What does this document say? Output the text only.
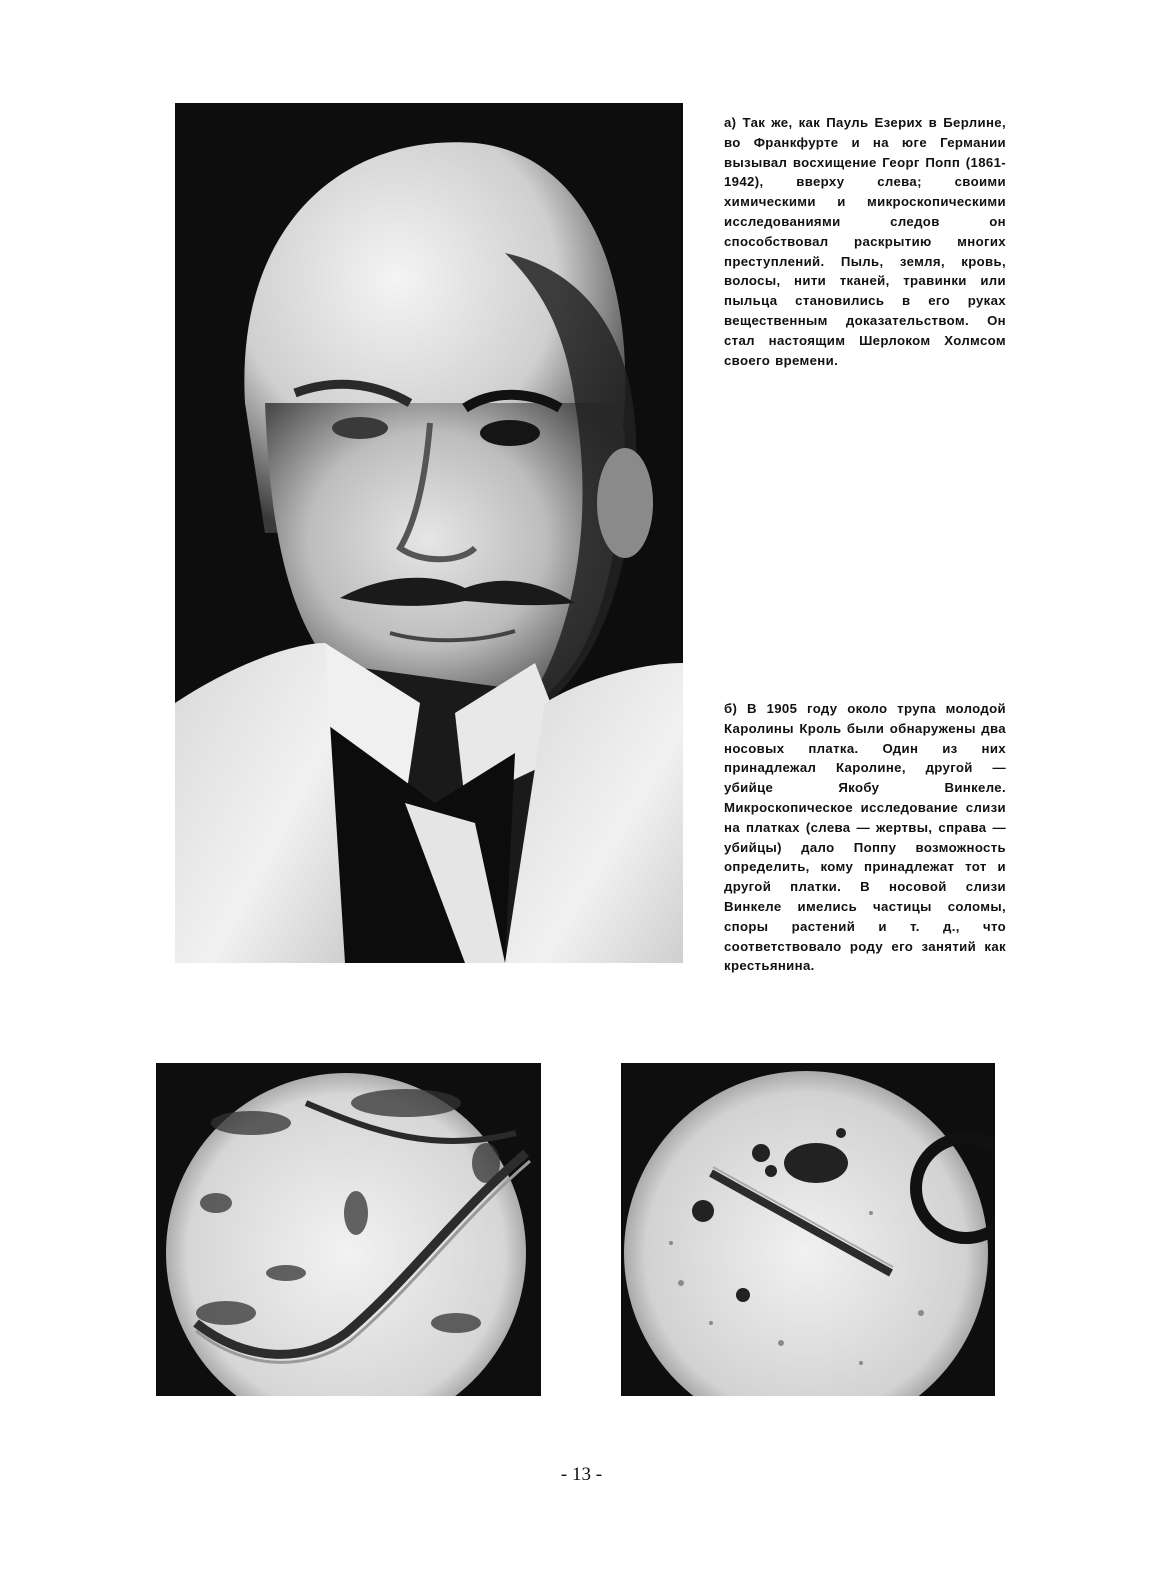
а) Так же, как Пауль Езерих в Берлине, во Франкфурте и на юге Германии вызывал восхищение Георг Попп (1861-1942), вверху слева; своими химическими и микроскопическими исследованиями следов он способствовал раскрытию многих преступлений. Пыль, земля, кровь, волосы, нити тканей, травинки или пыльца становились в его руках вещественным доказательством. Он стал настоящим Шерлоком Холмсом своего времени.
б) В 1905 году около трупа молодой Каролины Кроль были обнаружены два носовых платка. Один из них принадлежал Каролине, другой — убийце Якобу Винкеле. Микроскопическое исследование слизи на платках (слева — жертвы, справа — убийцы) дало Поппу возможность определить, кому принадлежат тот и другой платки. В носовой слизи Винкеле имелись частицы соломы, споры растений и т. д., что соответствовало роду его занятий как крестьянина.
- 13 -
